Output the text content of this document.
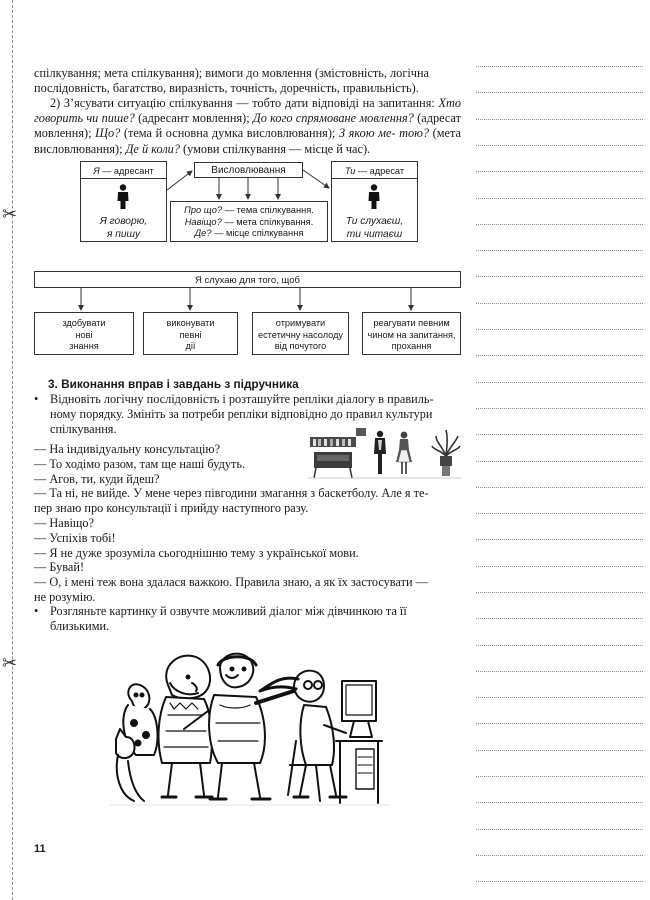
✂
✂
спілкування; мета спілкування); вимоги до мовлення (змістовність, логічна
послідовність, багатство, виразність, точність, доречність, правильність).
2) З’ясувати ситуацію спілкування — тобто дати відповіді на запитання: Хто говорить чи пише? (адресант мовлення); До кого спрямоване мовлення? (адресат мовлення); Що? (тема й основна думка висловлювання); З якою ме- тою? (мета висловлювання); Де й коли? (умови спілкування — місце й час).
Я — адресант
Я говорю,
я пишу
Висловлювання
Про що? — тема спілкування.
Навіщо? — мета спілкування.
Де? — місце спілкування
Ти — адресат
Ти слухаєш,
ти читаєш
Я слухаю для того, щоб
здобувати
нові
знання
виконувати
певні
дії
отримувати
естетичну насолоду
від почутого
реагувати певним
чином на запитання,
прохання
3. Виконання вправ і завдань з підручника
• Відновіть логічну послідовність і розташуйте репліки діалогу в правиль-
ному порядку. Змініть за потреби репліки відповідно до правил культури
спілкування.
— На індивідуальну консультацію?
— То ходімо разом, там ще наші будуть.
— Агов, ти, куди йдеш?
— Та ні, не вийде. У мене через півгодини змагання з баскетболу. Але я те-
пер знаю про консультації і прийду наступного разу.
— Навіщо?
— Успіхів тобі!
— Я не дуже зрозуміла сьогоднішню тему з української мови.
— Бувай!
— О, і мені теж вона здалася важкою. Правила знаю, а як їх застосувати —
не розумію.
• Розгляньте картинку й озвучте можливий діалог між дівчинкою та її
близькими.
11
